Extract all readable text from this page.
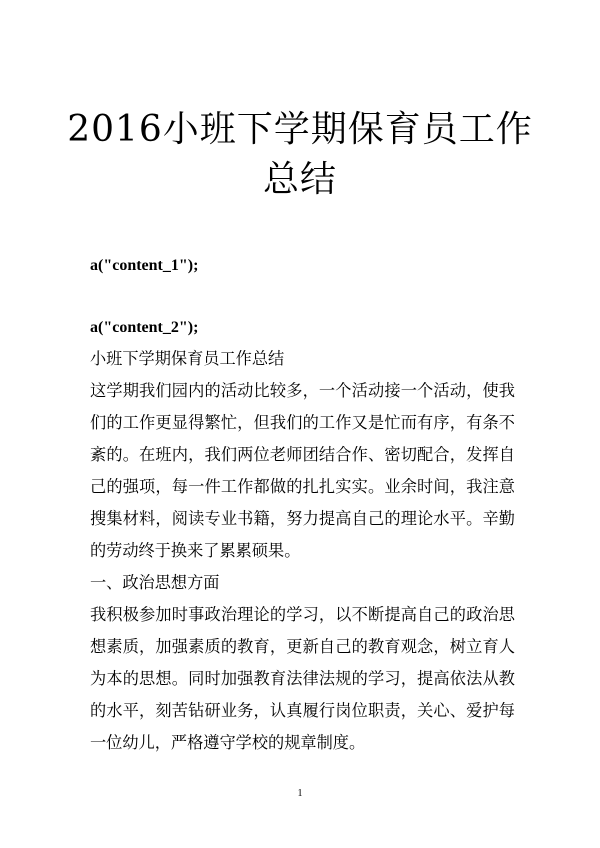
2016小班下学期保育员工作总结

a("content_1");

a("content_2");

小班下学期保育员工作总结

这学期我们园内的活动比较多，一个活动接一个活动，使我们的工作更显得繁忙，但我们的工作又是忙而有序，有条不紊的。在班内，我们两位老师团结合作、密切配合，发挥自己的强项，每一件工作都做的扎扎实实。业余时间，我注意搜集材料，阅读专业书籍，努力提高自己的理论水平。辛勤的劳动终于换来了累累硕果。

一、政治思想方面

我积极参加时事政治理论的学习，以不断提高自己的政治思想素质，加强素质的教育，更新自己的教育观念，树立育人为本的思想。同时加强教育法律法规的学习，提高依法从教的水平，刻苦钻研业务，认真履行岗位职责，关心、爱护每一位幼儿，严格遵守学校的规章制度。

1
